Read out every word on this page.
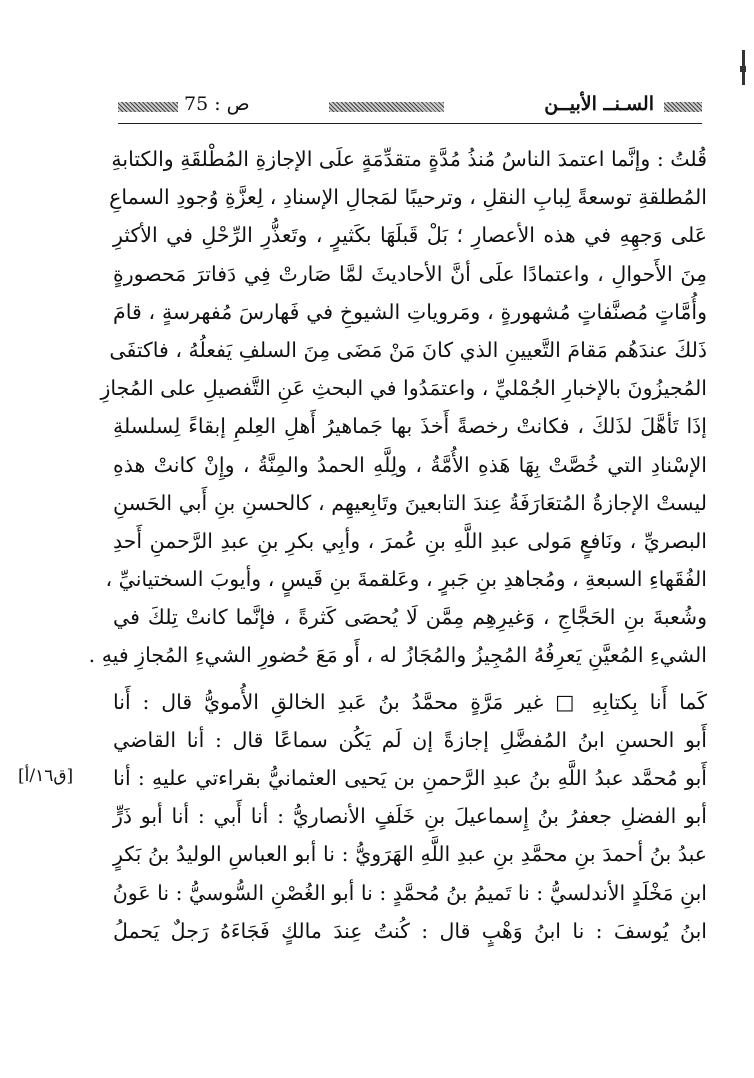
السـنــ الأبيــن
ص : 75
[ق١٦/أ]
قُلتُ : وإنَّما اعتمدَ الناسُ مُنذُ مُدَّةٍ متقدِّمَةٍ علَى الإجازةِ المُطْلقَةِ والكتابةِ
المُطلقةِ توسعةً لِبابِ النقلِ ، وترحيبًا لمَجالِ الإسنادِ ، لِعزَّةِ وُجودِ السماعِ
عَلى وَجهِهِ في هذه الأعصارِ ؛ بَلْ قَبلَهَا بكَثيرٍ ، وتَعذُّرِ الرِّحْلِ في الأكثرِ
مِنَ الأَحوالِ ، واعتمادًا علَى أنَّ الأحاديثَ لمَّا صَارتْ فِي دَفاترَ مَحصورةٍ
وأُمَّاتٍ مُصنَّفاتٍ مُشهورةٍ ، ومَروياتِ الشيوخِ في فَهارسَ مُفهرسةٍ ، قامَ
ذَلكَ عندَهُم مَقامَ التَّعيينِ الذي كانَ مَنْ مَضَى مِنَ السلفِ يَفعلُهُ ، فاكتفَى
المُجيزُونَ بالإخبارِ الجُمْليِّ ، واعتمَدُوا في البحثِ عَنِ التَّفصيلِ على المُجازِ
إذَا تَأهَّلَ لذَلكَ ، فكانتْ رخصةً أَخذَ بها جَماهيرُ أَهلِ العِلمِ إبقاءً لِسلسلةِ
الإسْنادِ التي خُصَّتْ بِهَا هَذهِ الأُمَّةُ ، ولِلَّهِ الحمدُ والمِنَّةُ ، وإِنْ كانتْ هذهِ
ليستْ الإجازةُ المُتعَارَفَةُ عِندَ التابعينَ وتَابِعيهِم ، كالحسنِ بنِ أَبي الحَسنِ
البصريِّ ، ونَافعٍ مَولى عبدِ اللَّهِ بنِ عُمرَ ، وأبِي بكرِ بنِ عبدِ الرَّحمنِ أَحدِ
الفُقَهاءِ السبعةِ ، ومُجاهدِ بنِ جَبرٍ ، وعَلقمةَ بنِ قَيسٍ ، وأيوبَ السختيانيِّ ،
وشُعبةَ بنِ الحَجَّاجِ ، وَغيرِهِم مِمَّن لَا يُحصَى كَثرةً ، فإنَّما كانتْ تِلكَ في
الشيءِ المُعيَّنِ يَعرِفُهُ المُجِيزُ والمُجَازُ له ، أَو مَعَ حُضورِ الشيءِ المُجازِ فيهِ .
كَما أَنا بِكتابِهِ □ غير مَرَّةٍ محمَّدُ بنُ عَبدِ الخالقِ الأُمويُّ قال : أَنا
أَبو الحسنِ ابنُ المُفضَّلِ إجازةً إن لَم يَكُن سماعًا قال : أنا القاضي
أَبو مُحمَّد عبدُ اللَّهِ بنُ عبدِ الرَّحمنِ بن يَحيى العثمانيُّ بقراءتي عليهِ : أنا
أبو الفضلِ جعفرُ بنُ إِسماعيلَ بنِ خَلَفٍ الأنصاريُّ : أنا أَبي : أنا أبو ذَرٍّ
عبدُ بنُ أحمدَ بنِ محمَّدِ بنِ عبدِ اللَّهِ الهَرَويُّ : نا أبو العباسِ الوليدُ بنُ بَكرٍ
ابنِ مَخْلَدٍ الأندلسيُّ : نا تَميمُ بنُ مُحمَّدٍ : نا أبو الغُصْنِ السُّوسيُّ : نا عَونُ
ابنُ يُوسفَ : نا ابنُ وَهْبٍ قال : كُنتُ عِندَ مالكٍ فَجَاءَهُ رَجلٌ يَحملُ
